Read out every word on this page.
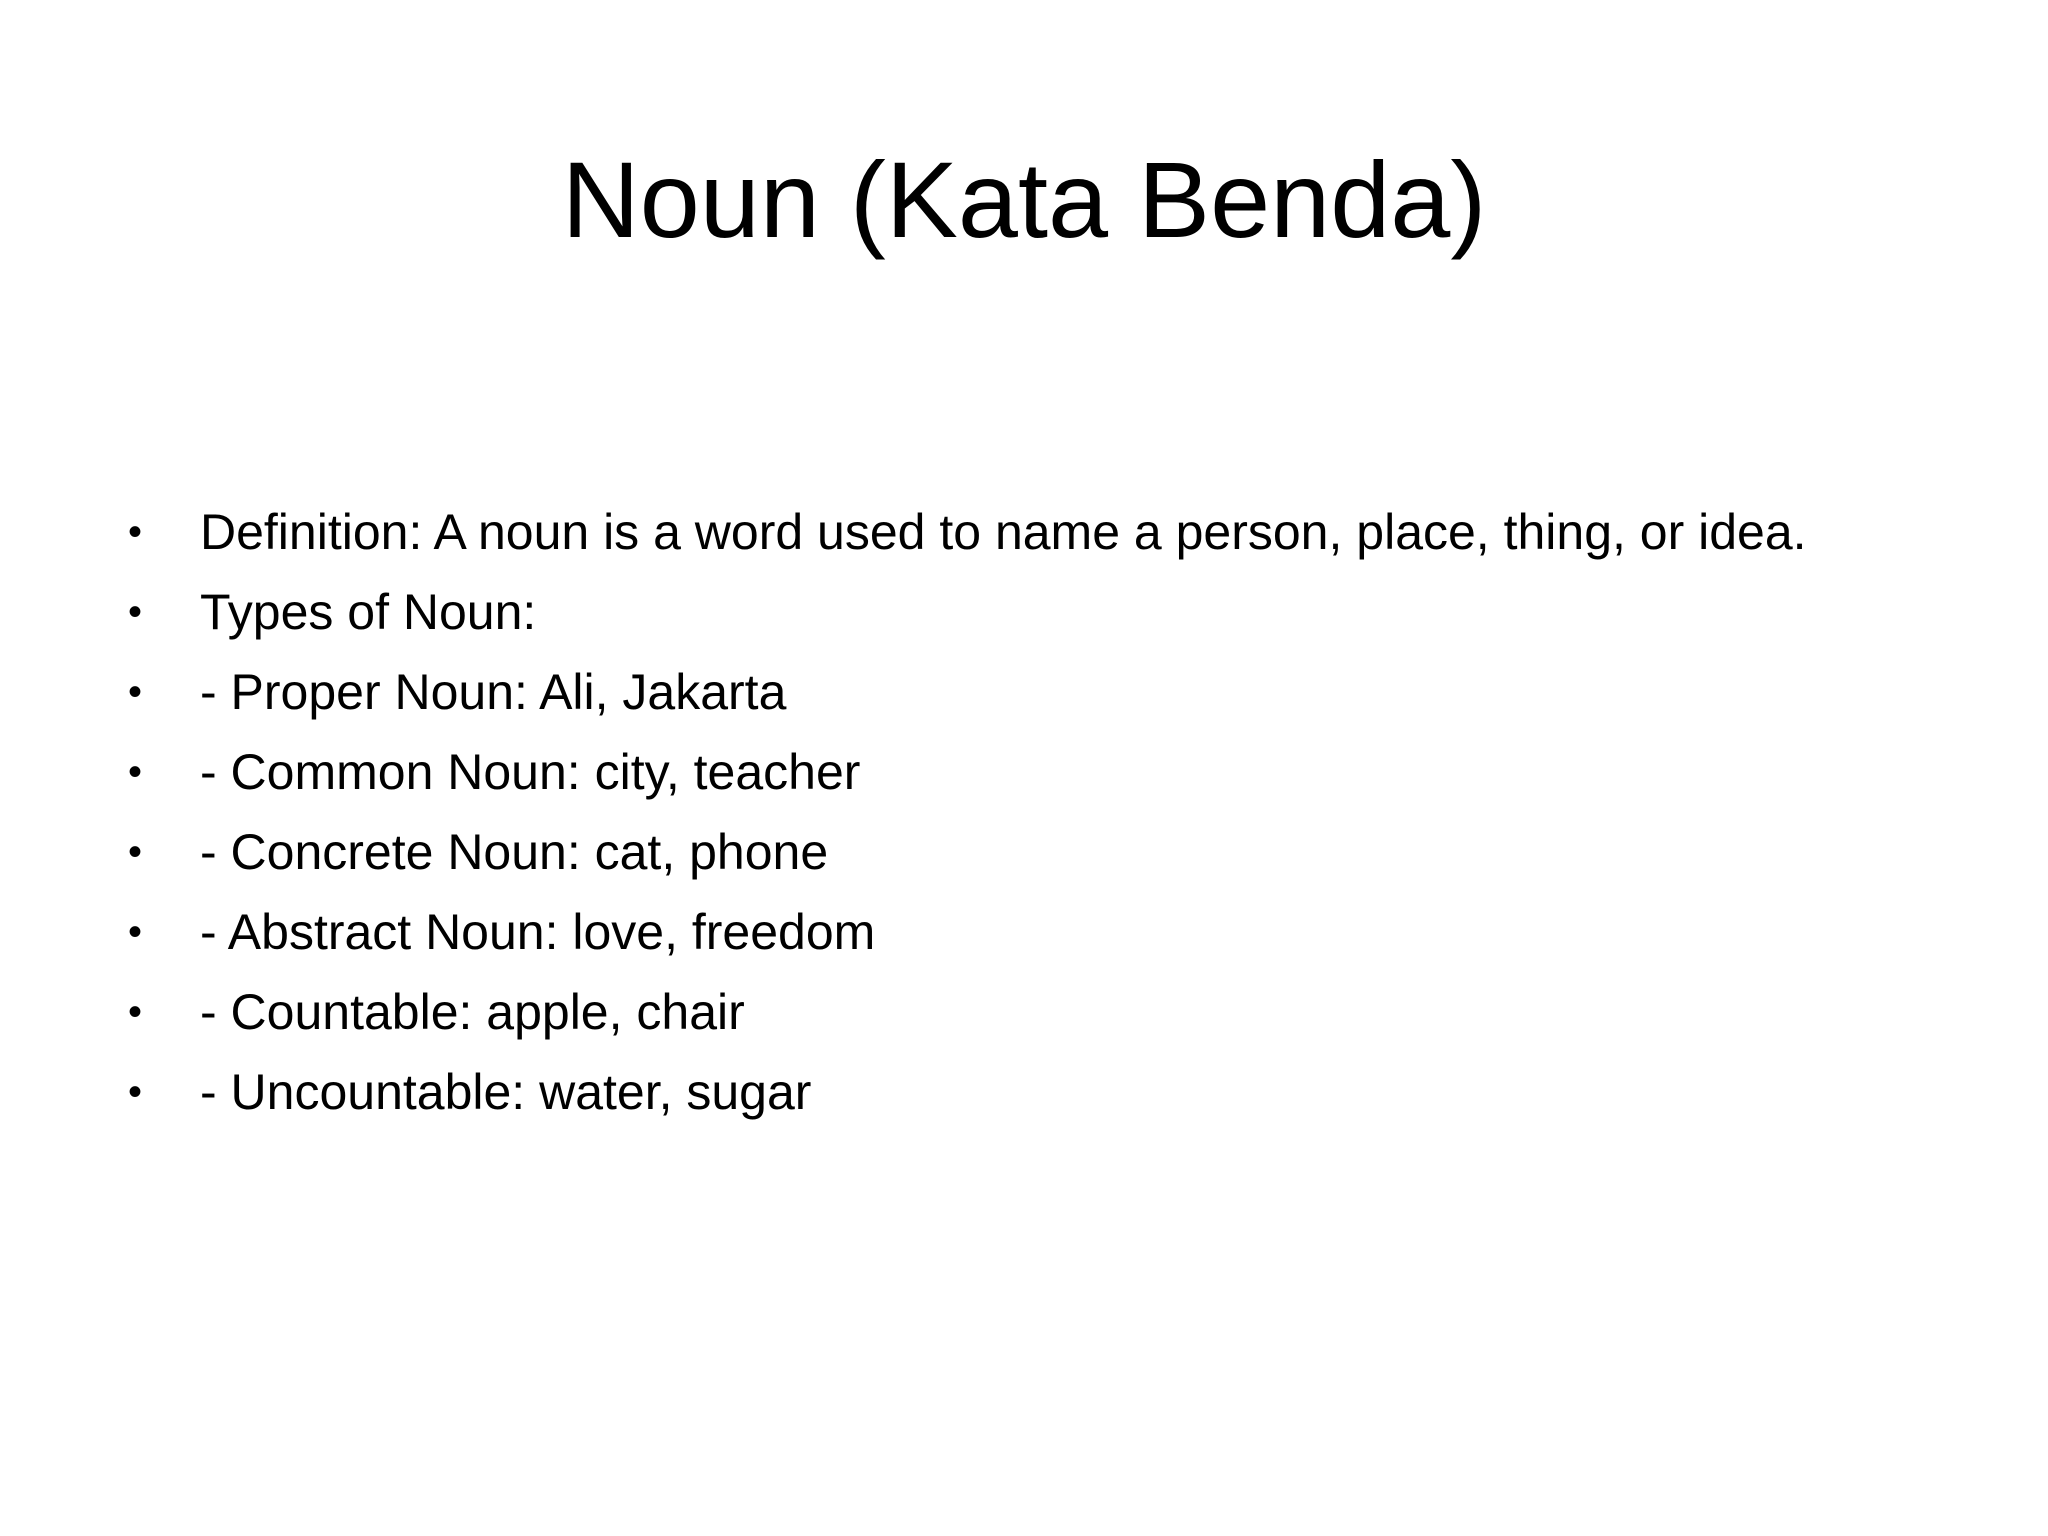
Noun (Kata Benda)
• Definition: A noun is a word used to name a person, place, thing, or idea.
• Types of Noun:
• - Proper Noun: Ali, Jakarta
• - Common Noun: city, teacher
• - Concrete Noun: cat, phone
• - Abstract Noun: love, freedom
• - Countable: apple, chair
• - Uncountable: water, sugar
